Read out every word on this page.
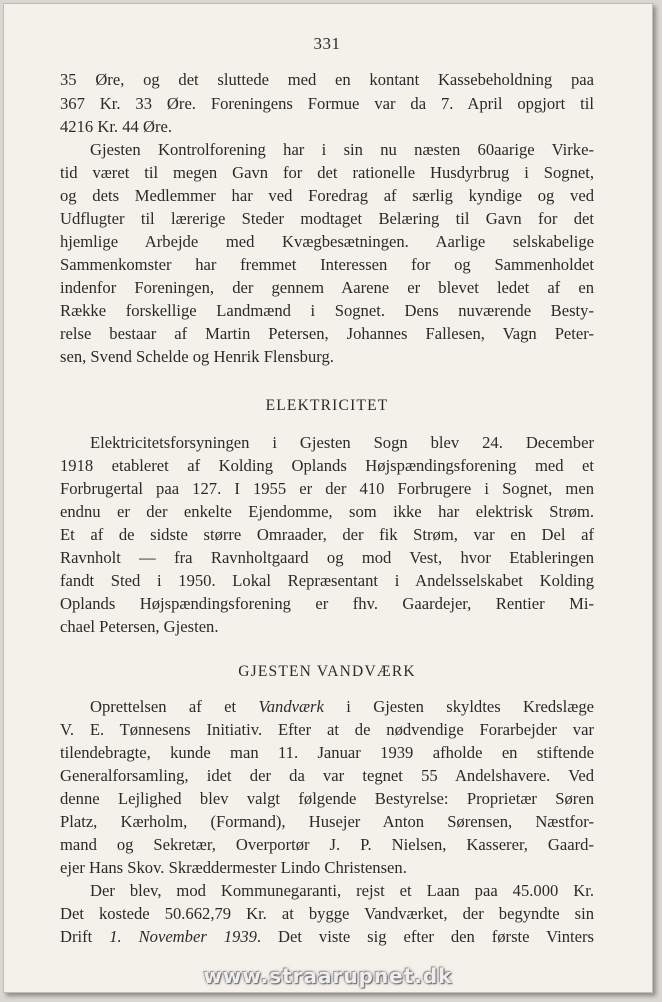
331
35 Øre, og det sluttede med en kontant Kassebeholdning paa
367 Kr. 33 Øre. Foreningens Formue var da 7. April opgjort til
4216 Kr. 44 Øre.
Gjesten Kontrolforening har i sin nu næsten 60aarige Virke-
tid været til megen Gavn for det rationelle Husdyrbrug i Sognet,
og dets Medlemmer har ved Foredrag af særlig kyndige og ved
Udflugter til lærerige Steder modtaget Belæring til Gavn for det
hjemlige Arbejde med Kvægbesætningen. Aarlige selskabelige
Sammenkomster har fremmet Interessen for og Sammenholdet
indenfor Foreningen, der gennem Aarene er blevet ledet af en
Række forskellige Landmænd i Sognet. Dens nuværende Besty-
relse bestaar af Martin Petersen, Johannes Fallesen, Vagn Peter-
sen, Svend Schelde og Henrik Flensburg.
ELEKTRICITET
Elektricitetsforsyningen i Gjesten Sogn blev 24. December
1918 etableret af Kolding Oplands Højspændingsforening med et
Forbrugertal paa 127. I 1955 er der 410 Forbrugere i Sognet, men
endnu er der enkelte Ejendomme, som ikke har elektrisk Strøm.
Et af de sidste større Omraader, der fik Strøm, var en Del af
Ravnholt — fra Ravnholtgaard og mod Vest, hvor Etableringen
fandt Sted i 1950. Lokal Repræsentant i Andelsselskabet Kolding
Oplands Højspændingsforening er fhv. Gaardejer, Rentier Mi-
chael Petersen, Gjesten.
GJESTEN VANDVÆRK
Oprettelsen af et Vandværk i Gjesten skyldtes Kredslæge
V. E. Tønnesens Initiativ. Efter at de nødvendige Forarbejder var
tilendebragte, kunde man 11. Januar 1939 afholde en stiftende
Generalforsamling, idet der da var tegnet 55 Andelshavere. Ved
denne Lejlighed blev valgt følgende Bestyrelse: Proprietær Søren
Platz, Kærholm, (Formand), Husejer Anton Sørensen, Næstfor-
mand og Sekretær, Overportør J. P. Nielsen, Kasserer, Gaard-
ejer Hans Skov. Skræddermester Lindo Christensen.
Der blev, mod Kommunegaranti, rejst et Laan paa 45.000 Kr.
Det kostede 50.662,79 Kr. at bygge Vandværket, der begyndte sin
Drift 1. November 1939. Det viste sig efter den første Vinters
www.straarupnet.dk
